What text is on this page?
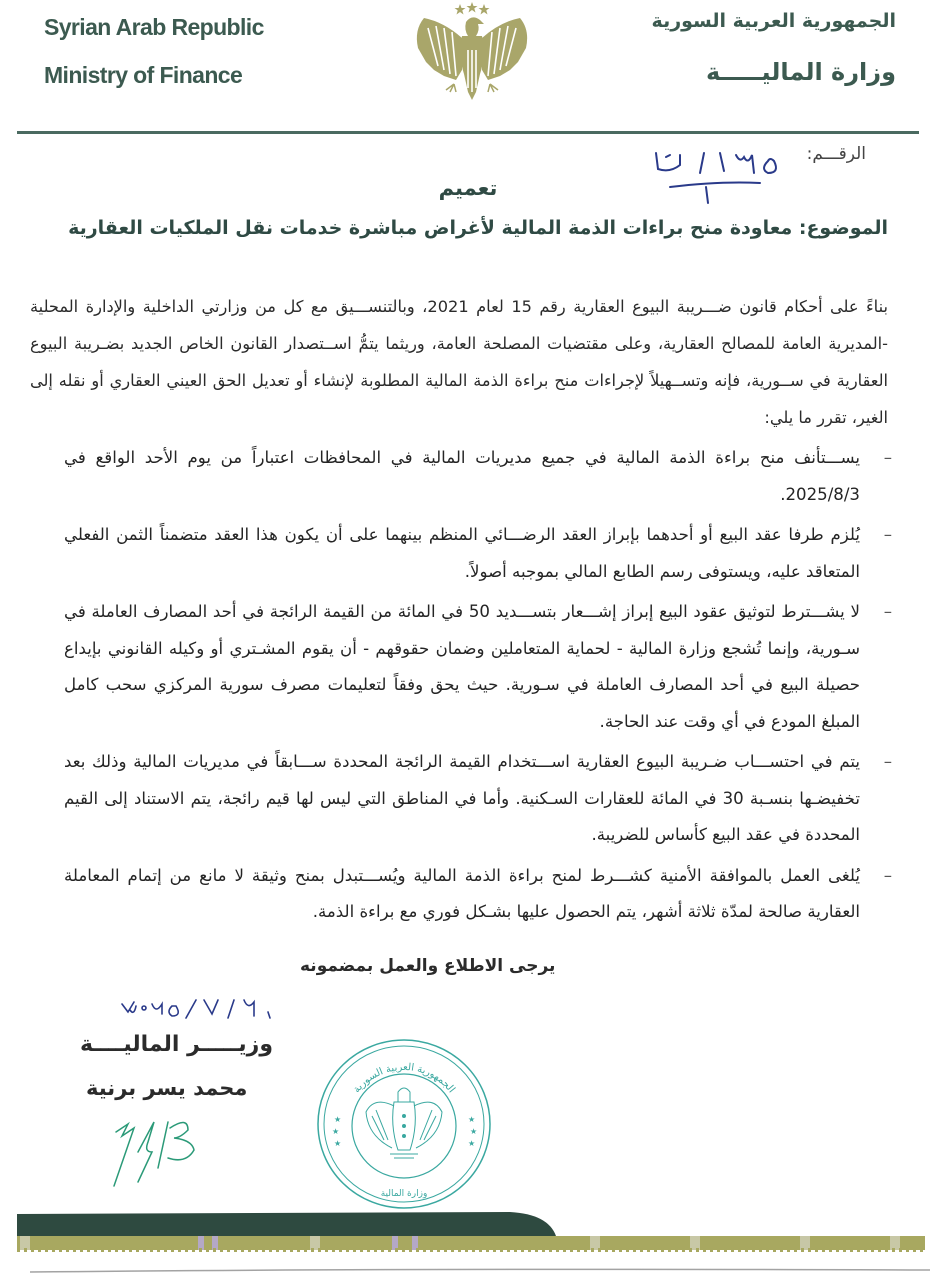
Syrian Arab Republic
Ministry of Finance
الجمهورية العربية السورية
وزارة الماليـــــة
الرقـــم:
تعميم
الموضوع: معاودة منح براءات الذمة المالية لأغراض مباشرة خدمات نقل الملكيات العقارية
بناءً على أحكام قانون ضـــريبة البيوع العقارية رقم 15 لعام 2021، وبالتنســـيق مع كل من وزارتي الداخلية والإدارة المحلية -المديرية العامة للمصالح العقارية، وعلى مقتضيات المصلحة العامة، وريثما يتمُّ اســتصدار القانون الخاص الجديد بضـريبة البيوع العقارية في ســورية، فإنه وتســهيلاً لإجراءات منح براءة الذمة المالية المطلوبة لإنشاء أو تعديل الحق العيني العقاري أو نقله إلى الغير، تقرر ما يلي:
–
يســـتأنف منح براءة الذمة المالية في جميع مديريات المالية في المحافظات اعتباراً من يوم الأحد الواقع في 2025/8/3.
–
يُلزم طرفا عقد البيع أو أحدهما بإبراز العقد الرضـــائي المنظم بينهما على أن يكون هذا العقد متضمناً الثمن الفعلي المتعاقد عليه، ويستوفى رسم الطابع المالي بموجبه أصولاً.
–
لا يشـــترط لتوثيق عقود البيع إبراز إشـــعار بتســـديد 50 في المائة من القيمة الرائجة في أحد المصارف العاملة في سـورية، وإنما تُشجع وزارة المالية - لحماية المتعاملين وضمان حقوقهم - أن يقوم المشـتري أو وكيله القانوني بإيداع حصيلة البيع في أحد المصارف العاملة في سـورية. حيث يحق وفقاً لتعليمات مصرف سورية المركزي سحب كامل المبلغ المودع في أي وقت عند الحاجة.
–
يتم في احتســـاب ضـريبة البيوع العقارية اســـتخدام القيمة الرائجة المحددة ســـابقاً في مديريات المالية وذلك بعد تخفيضـها بنسـبة 30 في المائة للعقارات السـكنية. وأما في المناطق التي ليس لها قيم رائجة، يتم الاستناد إلى القيم المحددة في عقد البيع كأساس للضريبة.
–
يُلغى العمل بالموافقة الأمنية كشـــرط لمنح براءة الذمة المالية ويُســـتبدل بمنح وثيقة لا مانع من إتمام المعاملة العقارية صالحة لمدّة ثلاثة أشهر، يتم الحصول عليها بشـكل فوري مع براءة الذمة.
يرجى الاطلاع والعمل بمضمونه
وزيـــــر الماليــــة
محمد يسر برنية	الجمهورية العربية السورية
وزارة المالية
★
★
★
★
★
★
